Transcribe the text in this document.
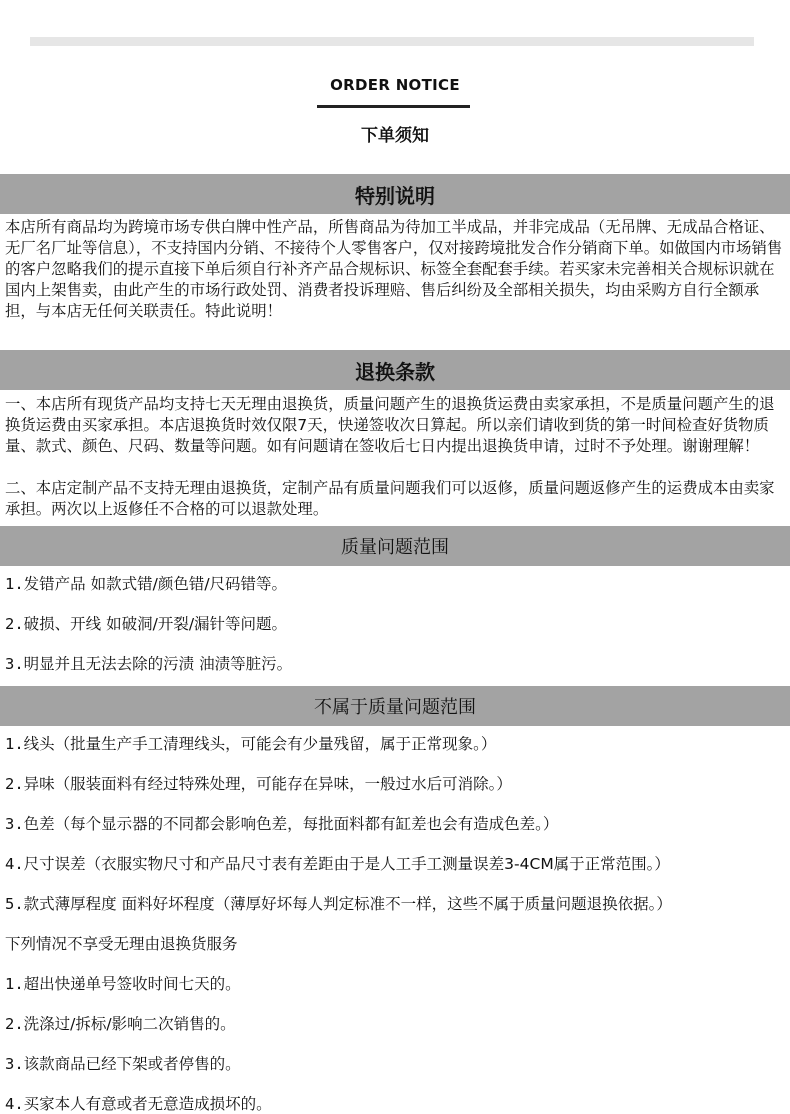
ORDER NOTICE
下单须知
特别说明

本店所有商品均为跨境市场专供白牌中性产品，所售商品为待加工半成品，并非完成品（无吊牌、无成品合格证、无厂名厂址等信息），不支持国内分销、不接待个人零售客户，仅对接跨境批发合作分销商下单。如做国内市场销售的客户忽略我们的提示直接下单后须自行补齐产品合规标识、标签全套配套手续。若买家未完善相关合规标识就在国内上架售卖，由此产生的市场行政处罚、消费者投诉理赔、售后纠纷及全部相关损失，均由采购方自行全额承担，与本店无任何关联责任。特此说明！

退换条款

一、本店所有现货产品均支持七天无理由退换货，质量问题产生的退换货运费由卖家承担，不是质量问题产生的退换货运费由买家承担。本店退换货时效仅限7天，快递签收次日算起。所以亲们请收到货的第一时间检查好货物质量、款式、颜色、尺码、数量等问题。如有问题请在签收后七日内提出退换货申请，过时不予处理。谢谢理解！

二、本店定制产品不支持无理由退换货，定制产品有质量问题我们可以返修，质量问题返修产生的运费成本由卖家承担。两次以上返修任不合格的可以退款处理。

质量问题范围
1.发错产品 如款式错/颜色错/尺码错等。
2.破损、开线 如破洞/开裂/漏针等问题。
3.明显并且无法去除的污渍 油渍等脏污。
不属于质量问题范围
1.线头（批量生产手工清理线头，可能会有少量残留，属于正常现象。）
2.异味（服装面料有经过特殊处理，可能存在异味，一般过水后可消除。）
3.色差（每个显示器的不同都会影响色差，每批面料都有缸差也会有造成色差。）
4.尺寸误差（衣服实物尺寸和产品尺寸表有差距由于是人工手工测量误差3-4CM属于正常范围。）
5.款式薄厚程度 面料好坏程度（薄厚好坏每人判定标准不一样，这些不属于质量问题退换依据。）
下列情况不享受无理由退换货服务
1.超出快递单号签收时间七天的。
2.洗涤过/拆标/影响二次销售的。
3.该款商品已经下架或者停售的。
4.买家本人有意或者无意造成损坏的。
